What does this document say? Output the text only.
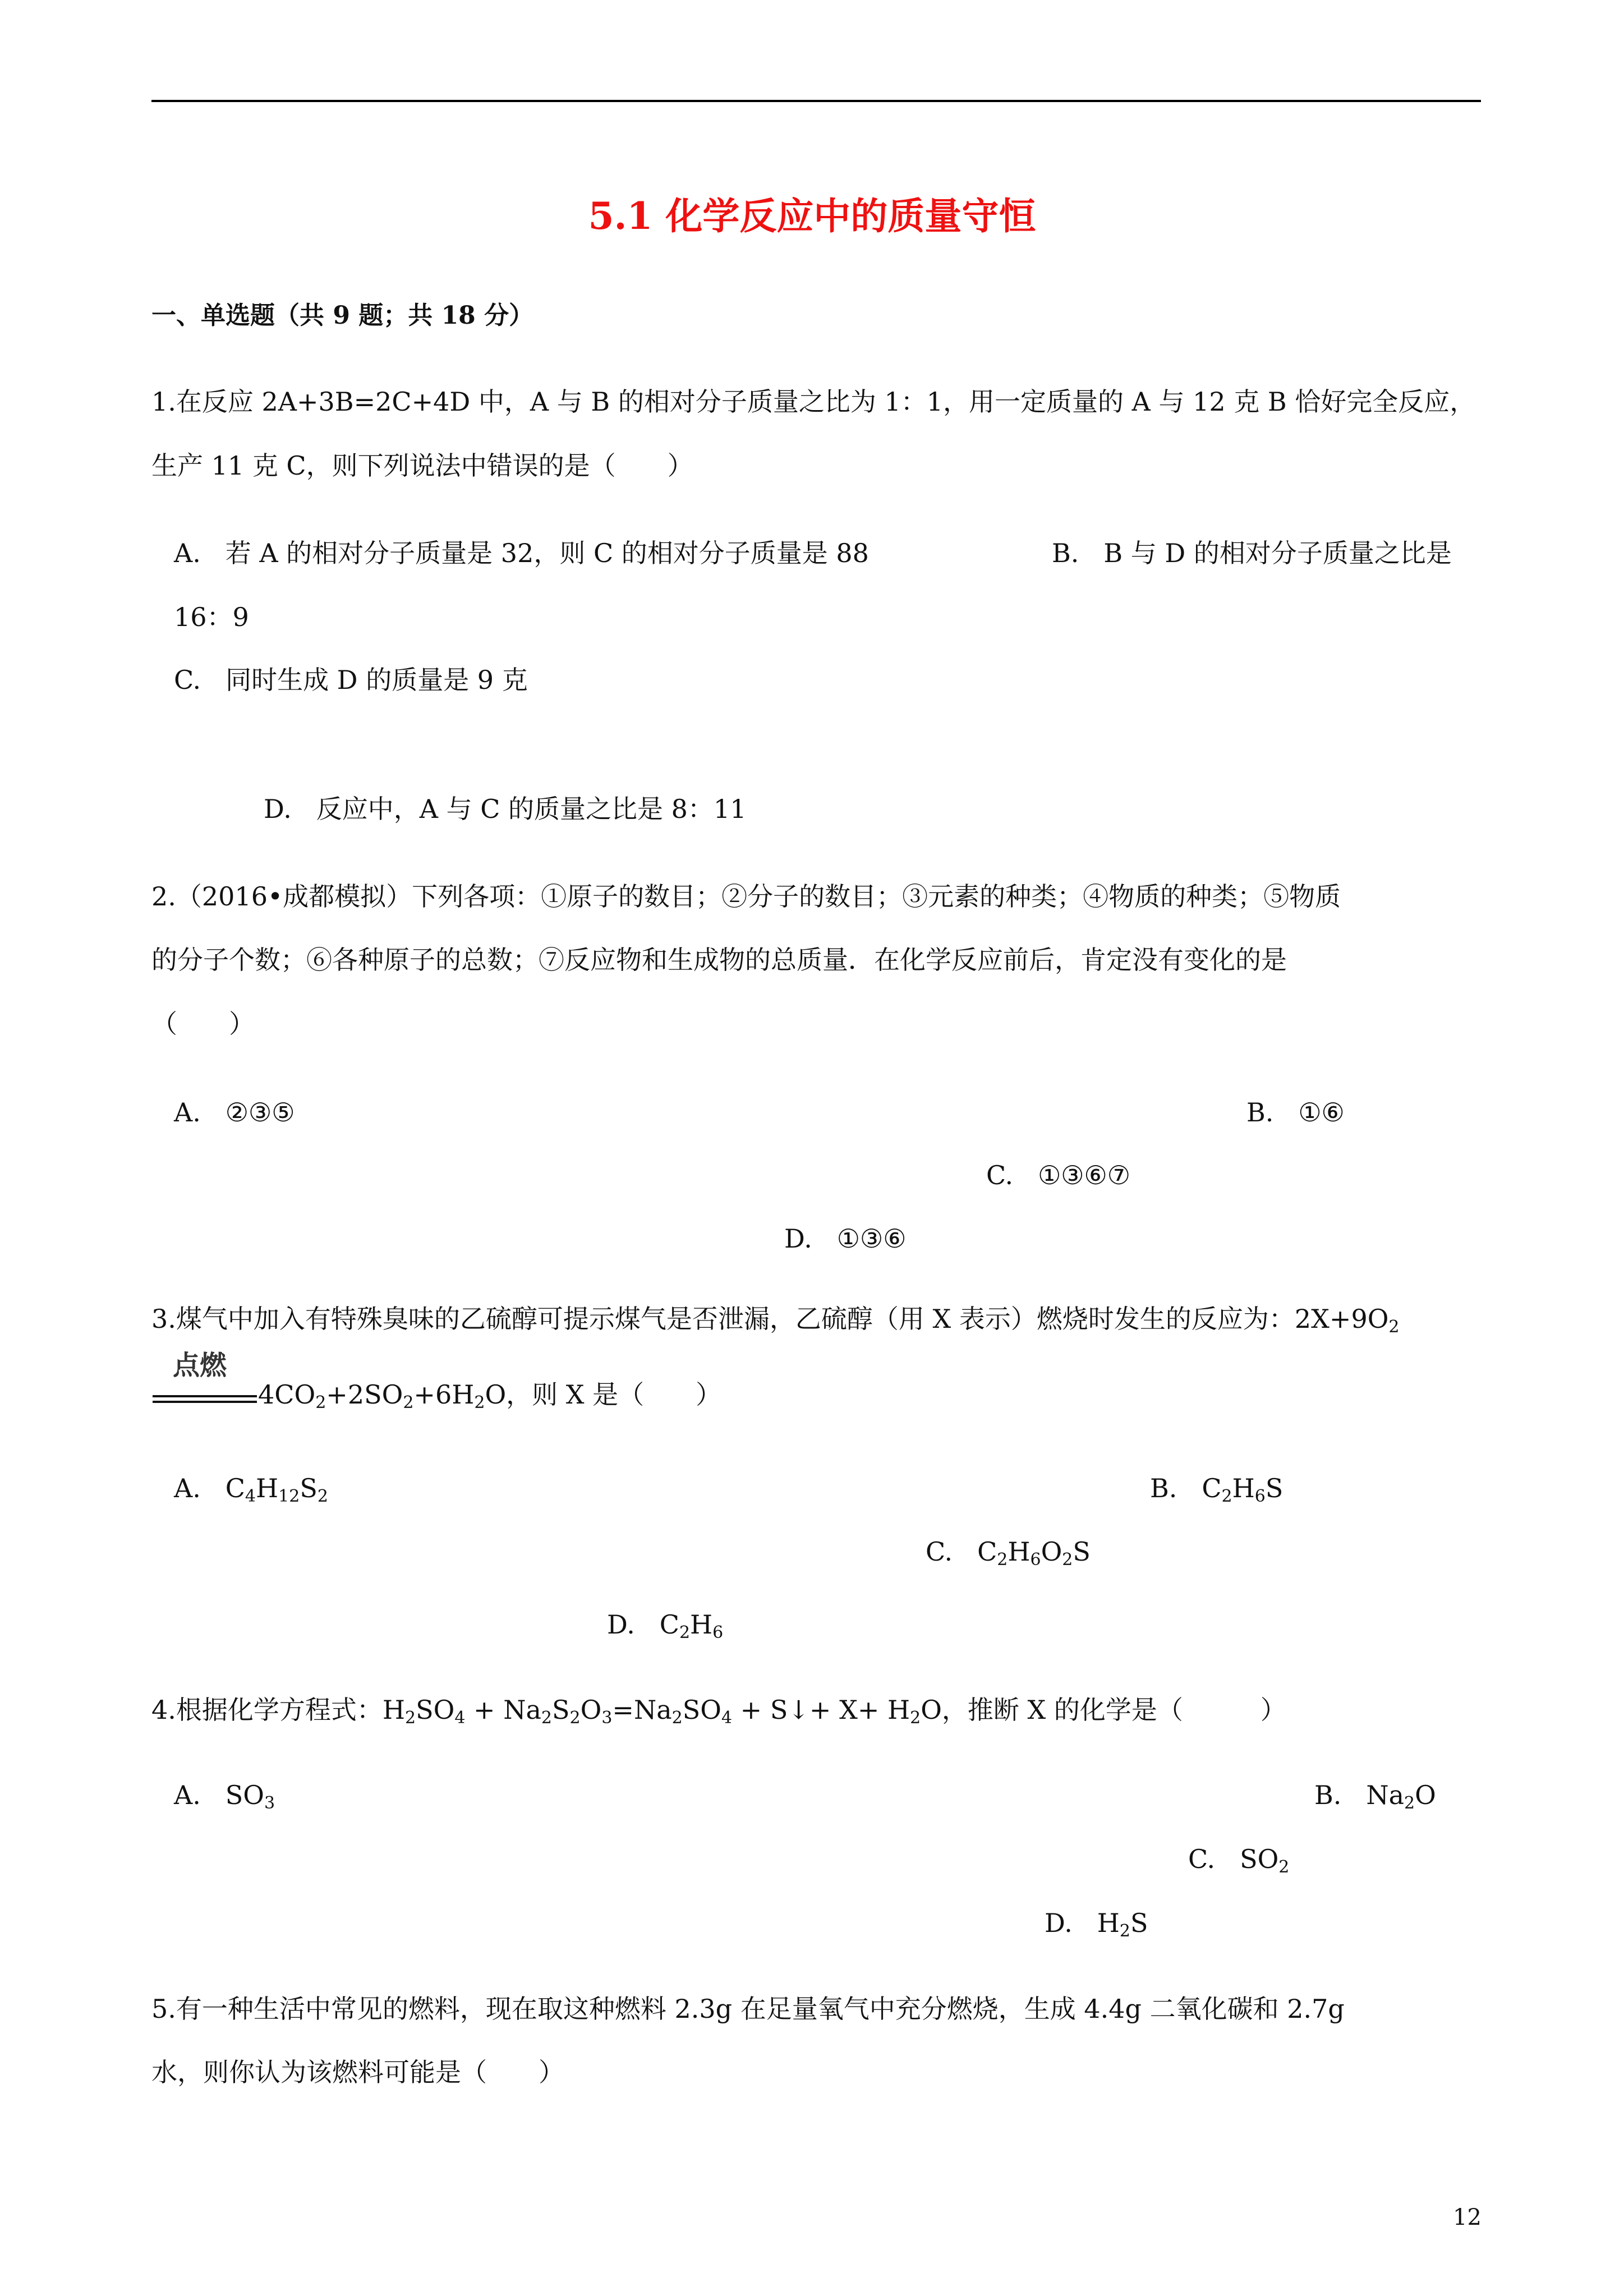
5.1 化学反应中的质量守恒
一、单选题（共 9 题；共 18 分）
1.在反应 2A+3B=2C+4D 中，A 与 B 的相对分子质量之比为 1：1，用一定质量的 A 与 12 克 B 恰好完全反应，
生产 11 克 C，则下列说法中错误的是（　　）
A. 若 A 的相对分子质量是 32，则 C 的相对分子质量是 88	B. B 与 D 的相对分子质量之比是
16：9
C. 同时生成 D 的质量是 9 克
D. 反应中，A 与 C 的质量之比是 8：11
2.（2016•成都模拟）下列各项：①原子的数目；②分子的数目；③元素的种类；④物质的种类；⑤物质
的分子个数；⑥各种原子的总数；⑦反应物和生成物的总质量．在化学反应前后，肯定没有变化的是
（　　）
A. ②③⑤	B. ①⑥
C. ①③⑥⑦
D. ①③⑥
3.煤气中加入有特殊臭味的乙硫醇可提示煤气是否泄漏，乙硫醇（用 X 表示）燃烧时发生的反应为：$2X+9O_2$
点燃
$4CO_2+2SO_2+6H_2O$，则 X 是（　　）
A. $C_4H_{12}S_2$	B. $C_2H_6S$
C. $C_2H_6O_2S$
D. $C_2H_6$
4.根据化学方程式：$H_2SO_4 + Na_2S_2O_3=Na_2SO_4$ + S↓+ $X+ H_2O$，推断 X 的化学是（　　　）
A. $SO_3$	B. $Na_2O$
C. $SO_2$
D. $H_2S$
5.有一种生活中常见的燃料，现在取这种燃料 2.3g 在足量氧气中充分燃烧，生成 4.4g 二氧化碳和 2.7g
水，则你认为该燃料可能是（　　）
12
